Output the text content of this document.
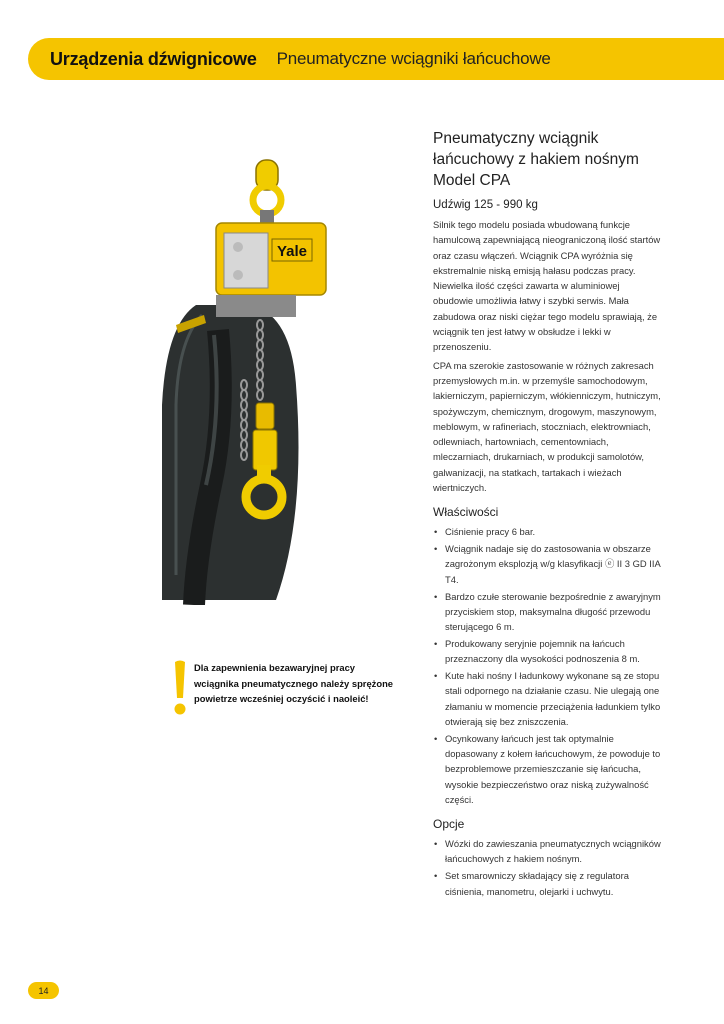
Urządzenia dźwignicowe Pneumatyczne wciągniki łańcuchowe
Yale
Dla zapewnienia bezawaryjnej pracy wciągnika pneumatycznego należy sprężone powietrze wcześniej oczyścić i naoleić!
Pneumatyczny wciągnik
łańcuchowy z hakiem nośnym
Model CPA

Udźwig 125 - 990 kg

Silnik tego modelu posiada wbudowaną funkcje hamulcową zapewniającą nieograniczoną ilość startów oraz czasu włączeń. Wciągnik CPA wyróżnia się ekstremalnie niską emisją hałasu podczas pracy. Niewielka ilość części zawarta w aluminiowej obudowie umożliwia łatwy i szybki serwis. Mała zabudowa oraz niski ciężar tego modelu sprawiają, że wciągnik ten jest łatwy w obsłudze i lekki w przenoszeniu.

CPA ma szerokie zastosowanie w różnych zakresach przemysłowych m.in. w przemyśle samochodowym, lakierniczym, papierniczym, włókienniczym, hutniczym, spożywczym, chemicznym, drogowym, maszynowym, meblowym, w rafineriach, stoczniach, elektrowniach, odlewniach, hartowniach, cementowniach, mleczarniach, drukarniach, w produkcji samolotów, galwanizacji, na statkach, tartakach i wieżach wiertniczych.

Właściwości
• Ciśnienie pracy 6 bar.
• Wciągnik nadaje się do zastosowania w obszarze zagrożonym eksplozją w/g klasyfikacji ⓔ II 3 GD IIA T4.
• Bardzo czułe sterowanie bezpośrednie z awaryjnym przyciskiem stop, maksymalna długość przewodu sterującego 6 m.
• Produkowany seryjnie pojemnik na łańcuch przeznaczony dla wysokości podnoszenia 8 m.
• Kute haki nośny I ładunkowy wykonane są ze stopu stali odpornego na działanie czasu. Nie ulegają one złamaniu w momencie przeciążenia ładunkiem tylko otwierają się bez zniszczenia.
• Ocynkowany łańcuch jest tak optymalnie dopasowany z kołem łańcuchowym, że powoduje to bezproblemowe przemieszczanie się łańcucha, wysokie bezpieczeństwo oraz niską zużywalność części.
Opcje
• Wózki do zawieszania pneumatycznych wciągników łańcuchowych z hakiem nośnym.
• Set smarowniczy składający się z regulatora ciśnienia, manometru, olejarki i uchwytu.
14
